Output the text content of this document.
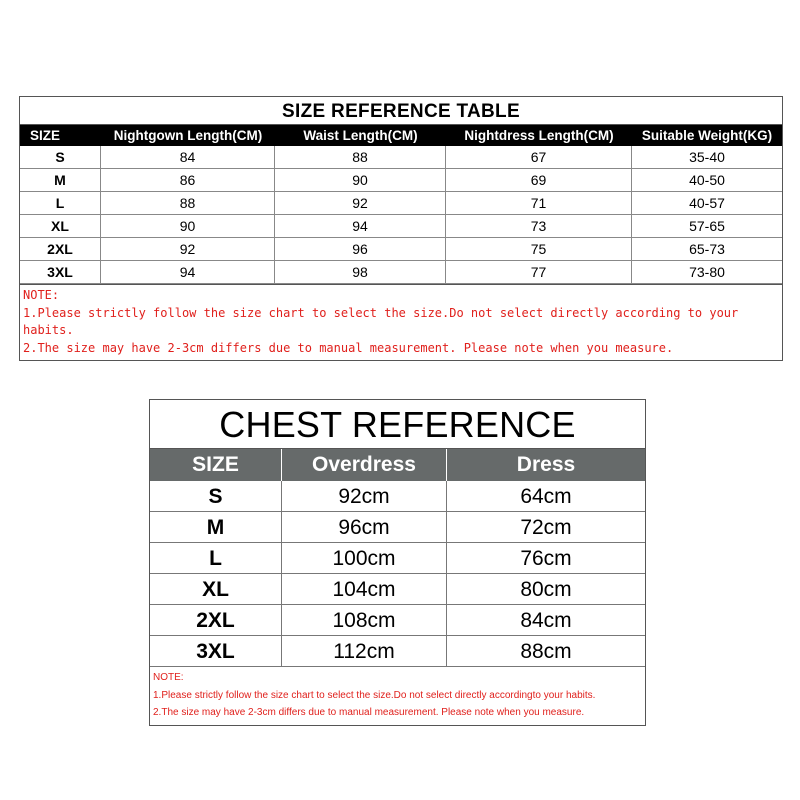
SIZE REFERENCE TABLE
SIZE	Nightgown Length(CM)	Waist Length(CM)	Nightdress Length(CM)	Suitable Weight(KG)
S	84	88	67	35-40
M	86	90	69	40-50
L	88	92	71	40-57
XL	90	94	73	57-65
2XL	92	96	75	65-73
3XL	94	98	77	73-80
NOTE:
1.Please strictly follow the size chart to select the size.Do not select directly according to your habits.
2.The size may have 2-3cm differs due to manual measurement. Please note when you measure.
CHEST REFERENCE
SIZE	Overdress	Dress
S	92cm	64cm
M	96cm	72cm
L	100cm	76cm
XL	104cm	80cm
2XL	108cm	84cm
3XL	112cm	88cm
NOTE:
1.Please strictly follow the size chart to select the size.Do not select directly accordingto your habits.
2.The size may have 2-3cm differs due to manual measurement. Please note when you measure.
